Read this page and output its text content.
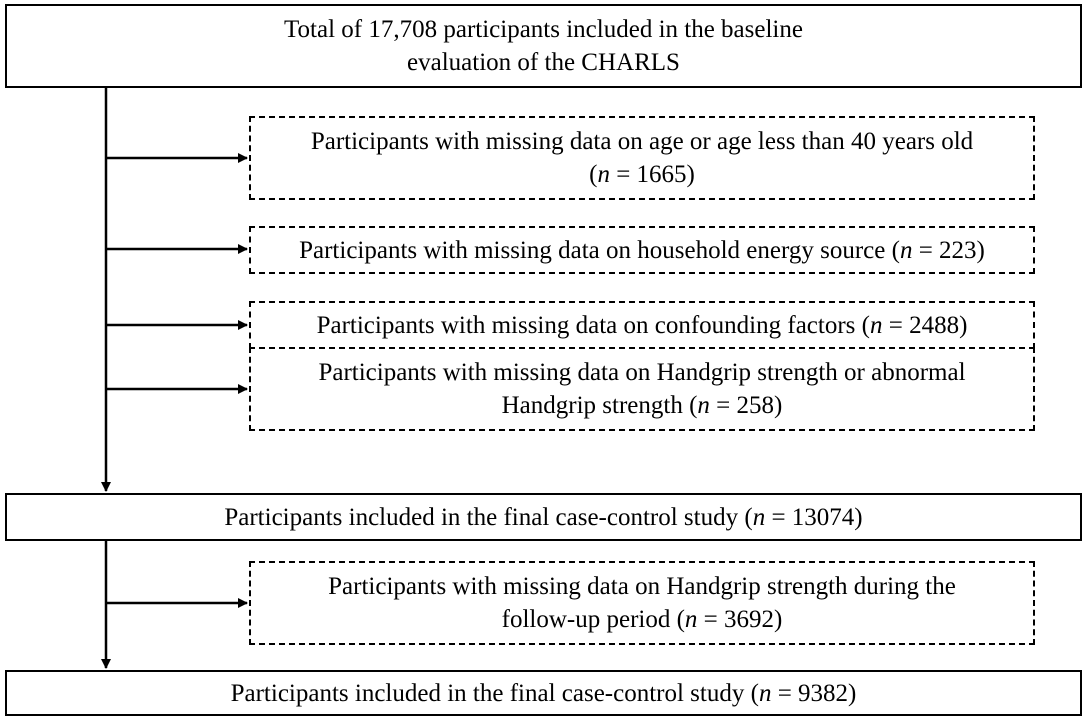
Total of 17,708 participants included in the baseline
evaluation of the CHARLS
Participants with missing data on age or age less than 40 years old
(n = 1665)
Participants with missing data on household energy source (n = 223)
Participants with missing data on confounding factors (n = 2488)
Participants with missing data on Handgrip strength or abnormal
Handgrip strength (n = 258)
Participants included in the final case-control study (n = 13074)
Participants with missing data on Handgrip strength during the
follow-up period (n = 3692)
Participants included in the final case-control study (n = 9382)
